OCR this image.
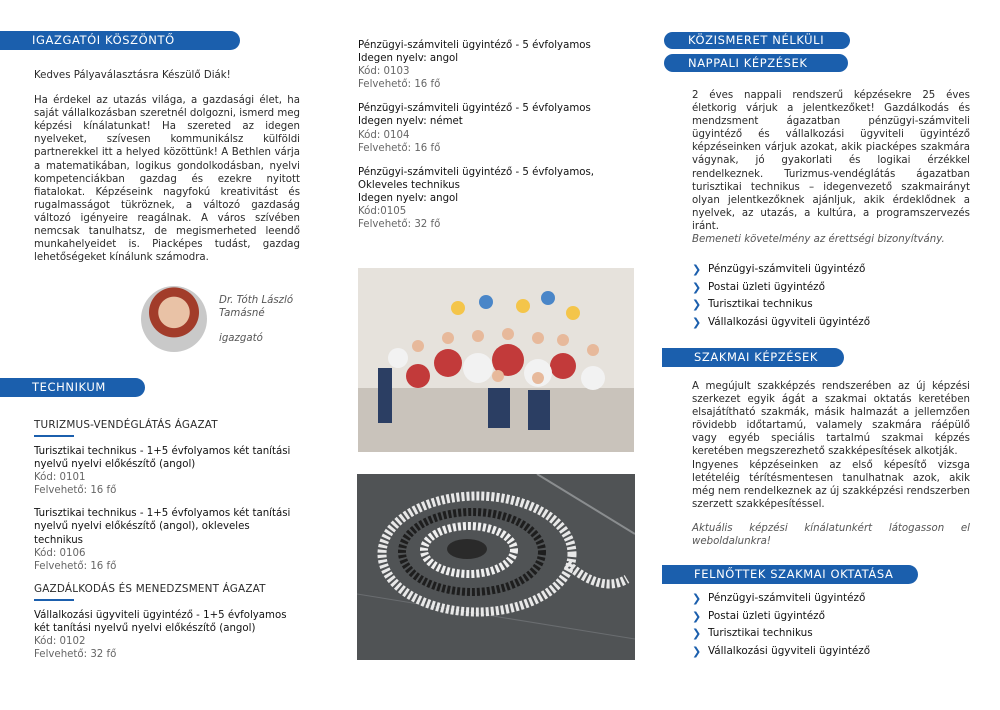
IGAZGATÓI KÖSZÖNTŐ

Kedves Pályaválasztásra Készülő Diák!

Ha érdekel az utazás világa, a gazdasági élet, ha saját vállalkozásban szeretnél dolgozni, ismerd meg képzési kínálatunkat! Ha szereted az idegen nyelveket, szívesen kommunikálsz külföldi partnerekkel itt a helyed közöttünk! A Bethlen várja a matematikában, logikus gondolkodásban, nyelvi kompetenciákban gazdag és ezekre nyitott fiatalokat. Képzéseink nagyfokú kreativitást és rugalmasságot tükröznek, a változó gazdaság változó igényeire reagálnak. A város szívében nemcsak tanulhatsz, de megismerheted leendő munkahelyeidet is. Piacképes tudást, gazdag lehetőségeket kínálunk számodra.

Dr. Tóth László Tamásné
igazgató
TECHNIKUM
TURIZMUS-VENDÉGLÁTÁS ÁGAZAT
Turisztikai technikus - 1+5 évfolyamos két tanítási nyelvű nyelvi előkészítő (angol)
Kód: 0101
Felvehető: 16 fő
Turisztikai technikus - 1+5 évfolyamos két tanítási nyelvű nyelvi előkészítő (angol), okleveles technikus
Kód: 0106
Felvehető: 16 fő
GAZDÁLKODÁS ÉS MENEDZSMENT ÁGAZAT
Vállalkozási ügyviteli ügyintéző - 1+5 évfolyamos két tanítási nyelvű nyelvi előkészítő (angol)
Kód: 0102
Felvehető: 32 fő
Pénzügyi-számviteli ügyintéző - 5 évfolyamos
Idegen nyelv: angol
Kód: 0103
Felvehető: 16 fő
Pénzügyi-számviteli ügyintéző - 5 évfolyamos
Idegen nyelv: német
Kód: 0104
Felvehető: 16 fő
Pénzügyi-számviteli ügyintéző - 5 évfolyamos, Okleveles technikus
Idegen nyelv: angol
Kód:0105
Felvehető: 32 fő
KÖZISMERET NÉLKÜLI
NAPPALI KÉPZÉSEK
2 éves nappali rendszerű képzésekre 25 éves életkorig várjuk a jelentkezőket! Gazdálkodás és mendzsment ágazatban pénzügyi-számviteli ügyintéző és vállalkozási ügyviteli ügyintéző képzéseinken várjuk azokat, akik piacképes szakmára vágynak, jó gyakorlati és logikai érzékkel rendelkeznek. Turizmus-vendéglátás ágazatban turisztikai technikus – idegenvezető szakmairányt olyan jelentkezőknek ajánljuk, akik érdeklődnek a nyelvek, az utazás, a kultúra, a programszervezés iránt.
Bemeneti követelmény az érettségi bizonyítvány.
❯ Pénzügyi-számviteli ügyintéző
❯ Postai üzleti ügyintéző
❯ Turisztikai technikus
❯ Vállalkozási ügyviteli ügyintéző
SZAKMAI KÉPZÉSEK
A megújult szakképzés rendszerében az új képzési szerkezet egyik ágát a szakmai oktatás keretében elsajátítható szakmák, másik halmazát a jellemzően rövidebb időtartamú, valamely szakmára ráépülő vagy egyéb speciális tartalmú szakmai képzés keretében megszerezhető szakképesítések alkotják.
Ingyenes képzéseinken az első képesítő vizsga letételéig térítésmentesen tanulhatnak azok, akik még nem rendelkeznek az új szakképzési rendszerben szerzett szakképesítéssel.
Aktuális képzési kínálatunkért látogasson el weboldalunkra!
FELNŐTTEK SZAKMAI OKTATÁSA
❯ Pénzügyi-számviteli ügyintéző
❯ Postai üzleti ügyintéző
❯ Turisztikai technikus
❯ Vállalkozási ügyviteli ügyintéző
